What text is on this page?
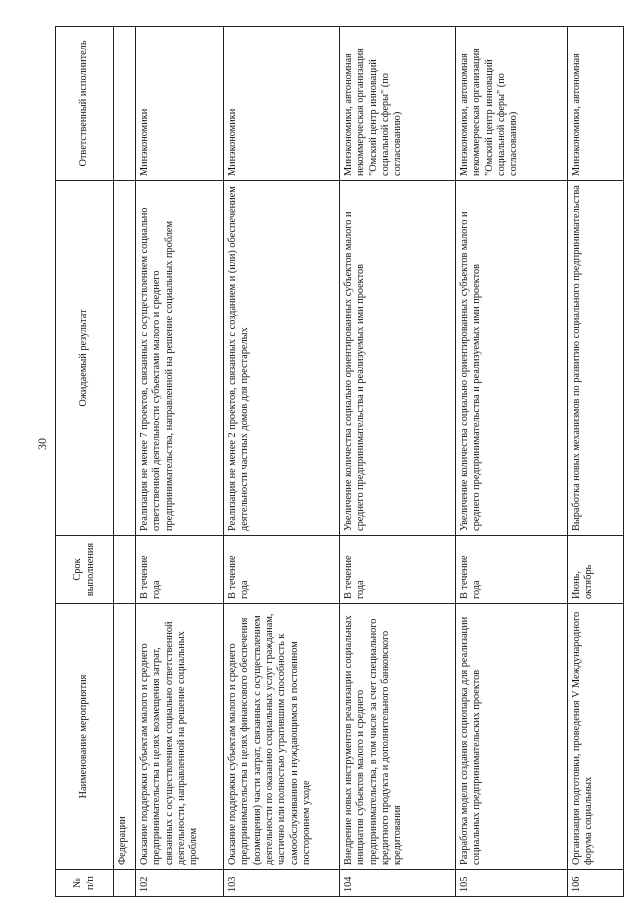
30
№ п/п	Наименование мероприятия	Срок выполнения	Ожидаемый результат	Ответственный исполнитель
	Федерации			
102	Оказание поддержки субъектам малого и среднего предпринимательства в целях возмещения затрат, связанных с осуществлением социально ответственной деятельности, направленной на решение социальных проблем	В течение года	Реализация не менее 7 проектов, связанных с осуществлением социально ответственной деятельности субъектами малого и среднего предпринимательства, направленной на решение социальных проблем	Минэкономики
103	Оказание поддержки субъектам малого и среднего предпринимательства в целях финансового обеспечения (возмещения) части затрат, связанных с осуществлением деятельности по оказанию социальных услуг гражданам, частично или полностью утратившим способность к самообслуживанию и нуждающимся в постоянном постороннем уходе	В течение года	Реализация не менее 2 проектов, связанных с созданием и (или) обеспечением деятельности частных домов для престарелых	Минэкономики
104	Внедрение новых инструментов реализации социальных инициатив субъектов малого и среднего предпринимательства, в том числе за счет специального кредитного продукта и дополнительного банковского кредитования	В течение года	Увеличение количества социально ориентированных субъектов малого и среднего предпринимательства и реализуемых ими проектов	Минэкономики, автономная некоммерческая организация "Омский центр инноваций социальной сферы" (по согласованию)
105	Разработка модели создания социопарка для реализации социальных предпринимательских проектов	В течение года	Увеличение количества социально ориентированных субъектов малого и среднего предпринимательства и реализуемых ими проектов	Минэкономики, автономная некоммерческая организация "Омский центр инноваций социальной сферы" (по согласованию)
106	Организация подготовки, проведения V Международного форума социальных	Июнь, октябрь	Выработка новых механизмов по развитию социального предпринимательства	Минэкономики, автономная
